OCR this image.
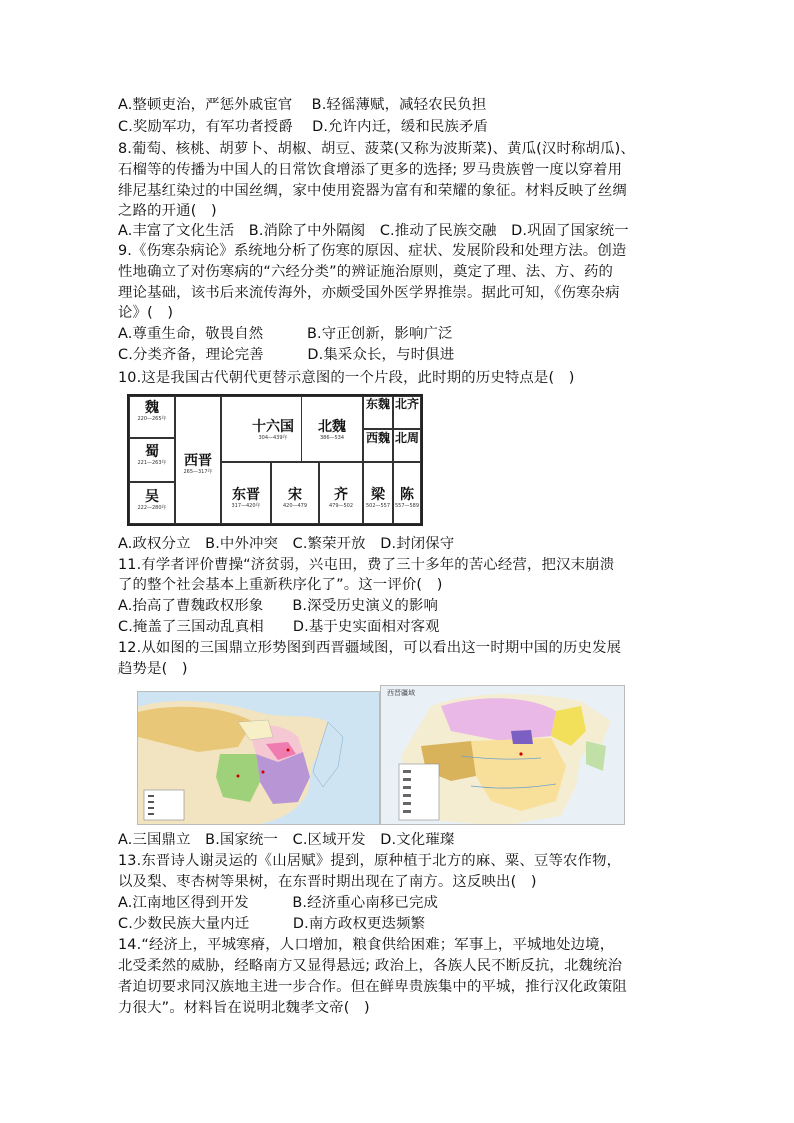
A.整顿吏治，严惩外戚宦官　 B.轻徭薄赋，减轻农民负担
C.奖励军功，有军功者授爵　 D.允许内迁，缓和民族矛盾
8.葡萄、核桃、胡萝卜、胡椒、胡豆、菠菜(又称为波斯菜)、黄瓜(汉时称胡瓜)、
石榴等的传播为中国人的日常饮食增添了更多的选择; 罗马贵族曾一度以穿着用
绯尼基红染过的中国丝绸，家中使用瓷器为富有和荣耀的象征。材料反映了丝绸
之路的开通(　)
A.丰富了文化生活　B.消除了中外隔阂　C.推动了民族交融　D.巩固了国家统一
9.《伤寒杂病论》系统地分析了伤寒的原因、症状、发展阶段和处理方法。创造
性地确立了对伤寒病的“六经分类”的辨证施治原则，奠定了理、法、方、药的
理论基础，该书后来流传海外，亦颇受国外医学界推崇。据此可知，《伤寒杂病
论》(　)
A.尊重生命，敬畏自然　　　B.守正创新，影响广泛
C.分类齐备，理论完善　　　D.集采众长，与时俱进
10.这是我国古代朝代更替示意图的一个片段，此时期的历史特点是(　)
A.政权分立　B.中外冲突　C.繁荣开放　D.封闭保守
11.有学者评价曹操“济贫弱，兴屯田，费了三十多年的苦心经营，把汉末崩溃
了的整个社会基本上重新秩序化了”。这一评价(　)
A.抬高了曹魏政权形象　　B.深受历史演义的影响
C.掩盖了三国动乱真相　　D.基于史实面相对客观
12.从如图的三国鼎立形势图到西晋疆域图，可以看出这一时期中国的历史发展
趋势是(　)
A.三国鼎立　B.国家统一　C.区域开发　D.文化璀璨
13.东晋诗人谢灵运的《山居赋》提到，原种植于北方的麻、粟、豆等农作物，
以及梨、枣杏树等果树，在东晋时期出现在了南方。这反映出(　)
A.江南地区得到开发　　　B.经济重心南移已完成
C.少数民族大量内迁　　　D.南方政权更迭频繁
14.“经济上，平城寒瘠，人口增加，粮食供给困难；军事上，平城地处边境，
北受柔然的威胁，经略南方又显得悬远; 政治上，各族人民不断反抗，北魏统治
者迫切要求同汉族地主进一步合作。但在鲜卑贵族集中的平城，推行汉化政策阻
力很大”。材料旨在说明北魏孝文帝(　)
魏
220—265年
蜀
221—263年
吴
222—280年
西晋
265—317年
十六国
304—439年
北魏
386—534
东魏 北齐
西魏 北周
东晋
317—420年
宋
420—479
齐
479—502
梁
502—557
陈
557—589
西晋疆域
